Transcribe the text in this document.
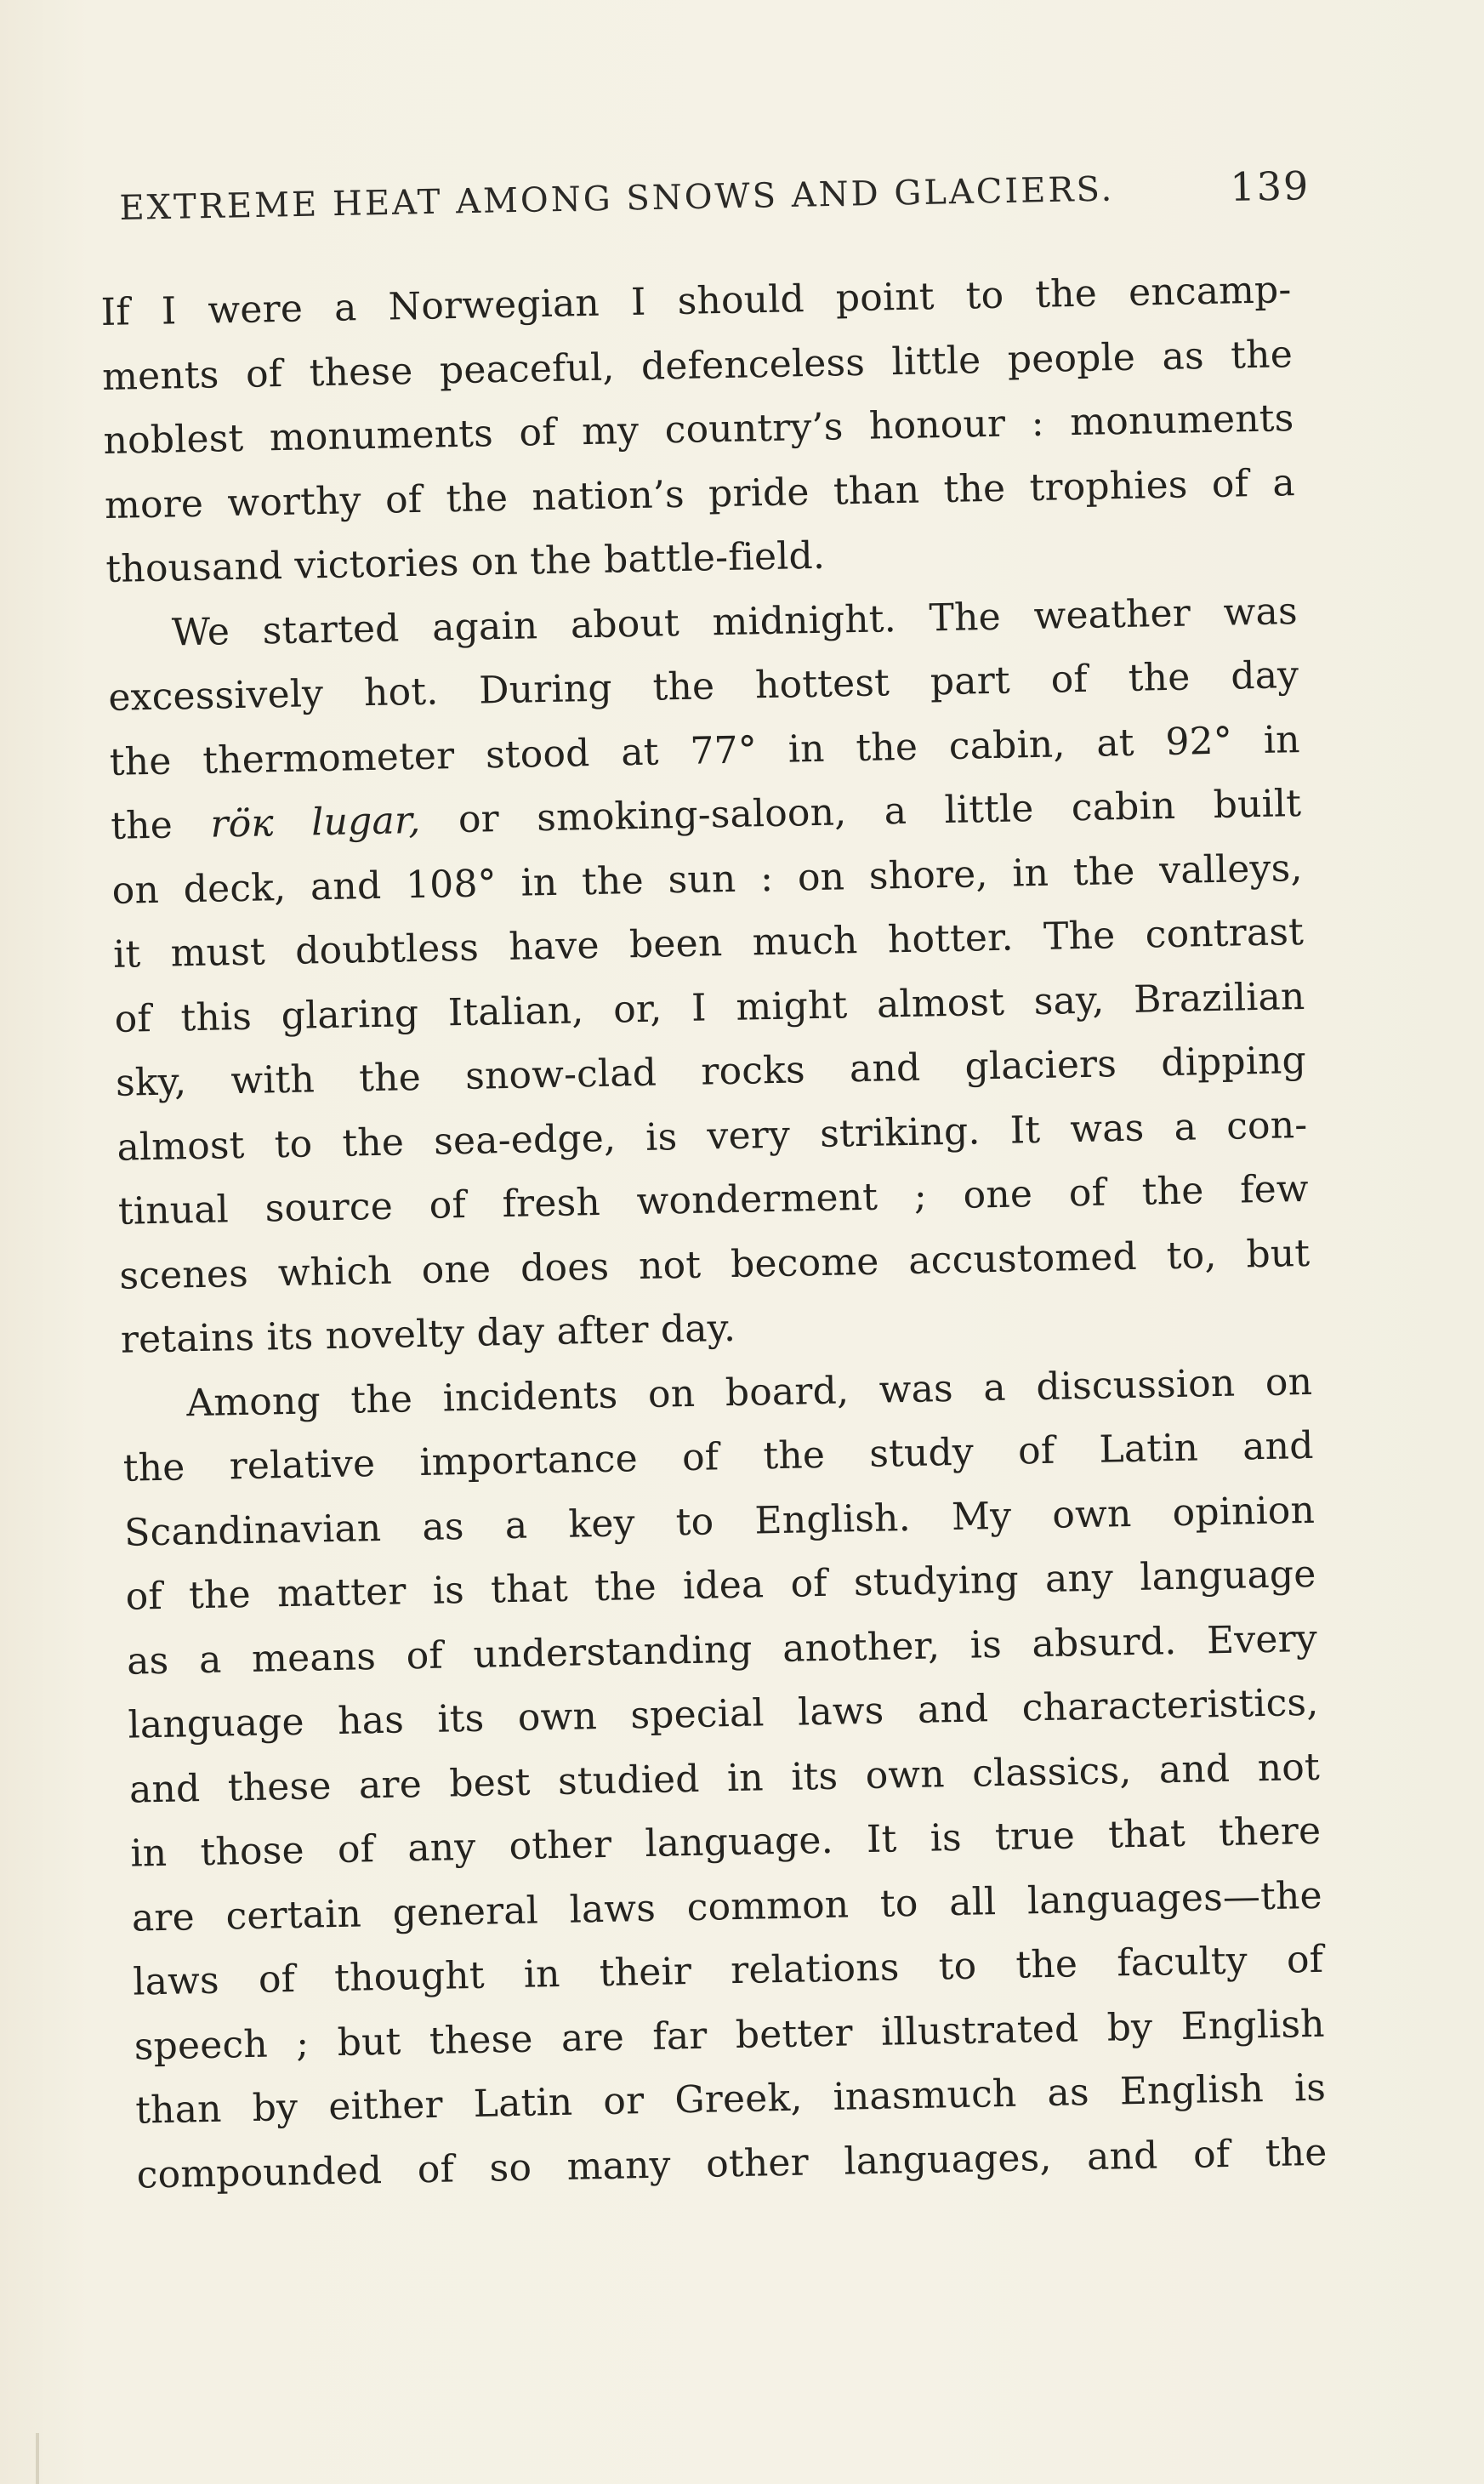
EXTREME HEAT AMONG SNOWS AND GLACIERS.	139
If I were a Norwegian I should point to the encamp-
ments of these peaceful, defenceless little people as the
noblest monuments of my country’s honour : monuments
more worthy of the nation’s pride than the trophies of a
thousand victories on the battle-field.
We started again about midnight. The weather was
excessively hot. During the hottest part of the day
the thermometer stood at 77° in the cabin, at 92° in
the röк lugar, or smoking-saloon, a little cabin built
on deck, and 108° in the sun : on shore, in the valleys,
it must doubtless have been much hotter. The contrast
of this glaring Italian, or, I might almost say, Brazilian
sky, with the snow-clad rocks and glaciers dipping
almost to the sea-edge, is very striking. It was a con-
tinual source of fresh wonderment ; one of the few
scenes which one does not become accustomed to, but
retains its novelty day after day.
Among the incidents on board, was a discussion on
the relative importance of the study of Latin and
Scandinavian as a key to English. My own opinion
of the matter is that the idea of studying any language
as a means of understanding another, is absurd. Every
language has its own special laws and characteristics,
and these are best studied in its own classics, and not
in those of any other language. It is true that there
are certain general laws common to all languages—the
laws of thought in their relations to the faculty of
speech ; but these are far better illustrated by English
than by either Latin or Greek, inasmuch as English is
compounded of so many other languages, and of the
